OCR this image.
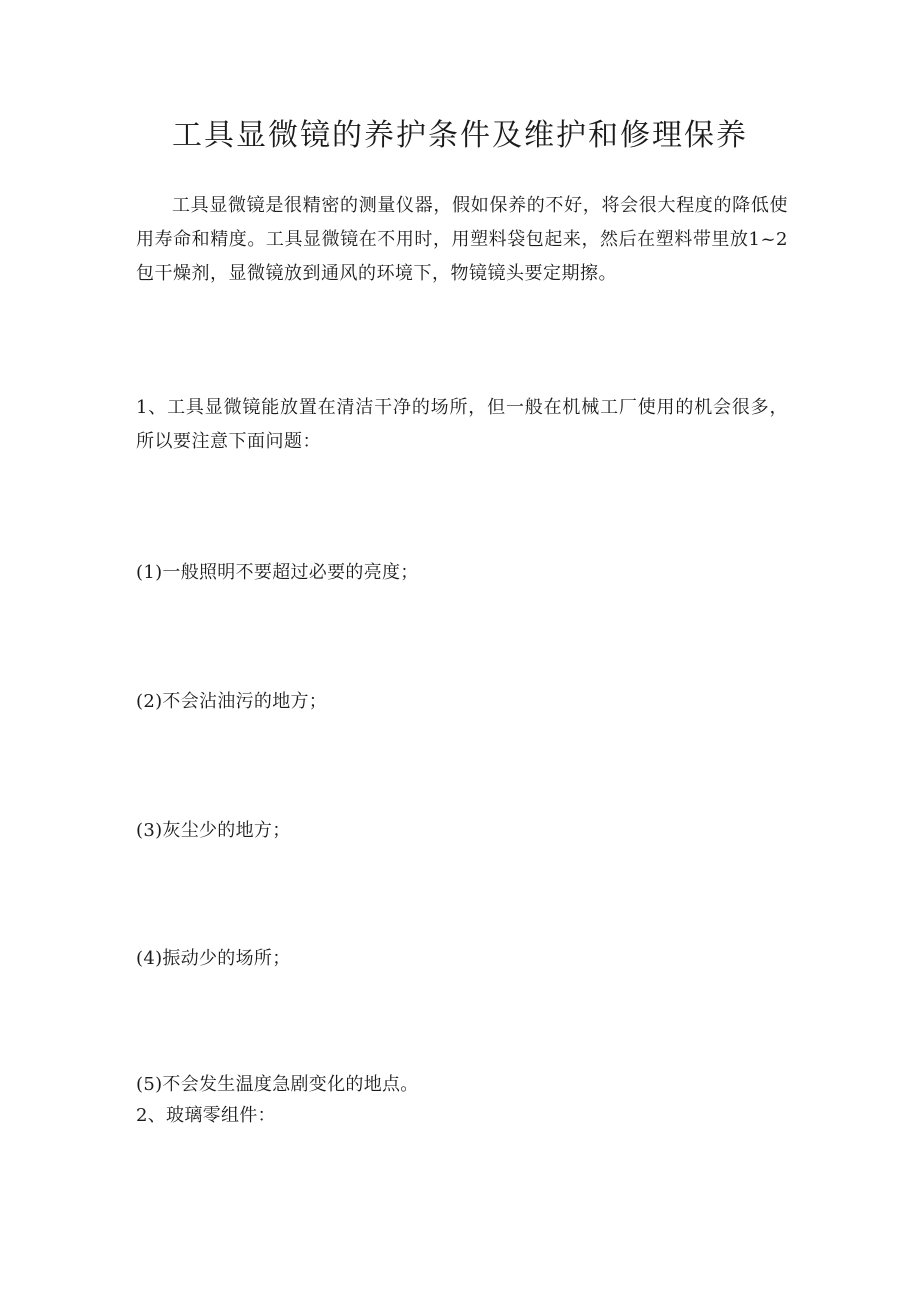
工具显微镜的养护条件及维护和修理保养

工具显微镜是很精密的测量仪器，假如保养的不好，将会很大程度的降低使用寿命和精度。工具显微镜在不用时，用塑料袋包起来，然后在塑料带里放1~2包干燥剂，显微镜放到通风的环境下，物镜镜头要定期擦。

1、工具显微镜能放置在清洁干净的场所，但一般在机械工厂使用的机会很多，所以要注意下面问题：

(1)一般照明不要超过必要的亮度；

(2)不会沾油污的地方；

(3)灰尘少的地方；

(4)振动少的场所；

(5)不会发生温度急剧变化的地点。

2、玻璃零组件：
